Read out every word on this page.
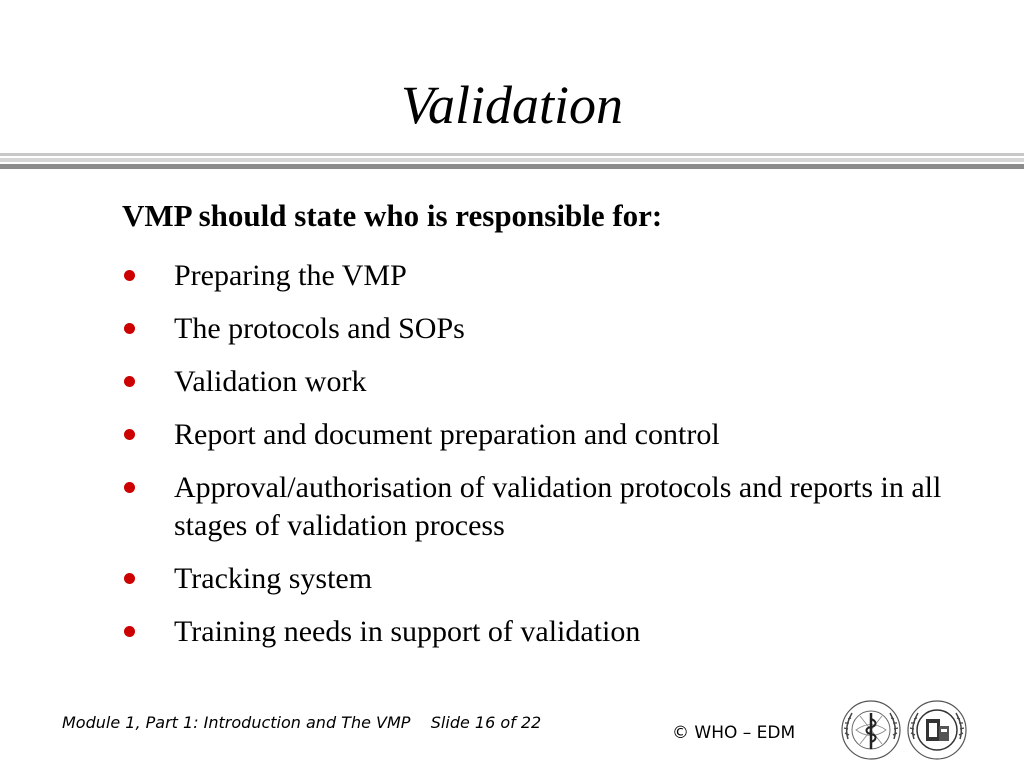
Validation
VMP should state who is responsible for:
Preparing the VMP
The protocols and SOPs
Validation work
Report and document preparation and control
Approval/authorisation of validation protocols and reports in all stages of validation process
Tracking system
Training needs in support of validation
Module 1, Part 1: Introduction and The VMP Slide 16 of 22
© WHO – EDM
